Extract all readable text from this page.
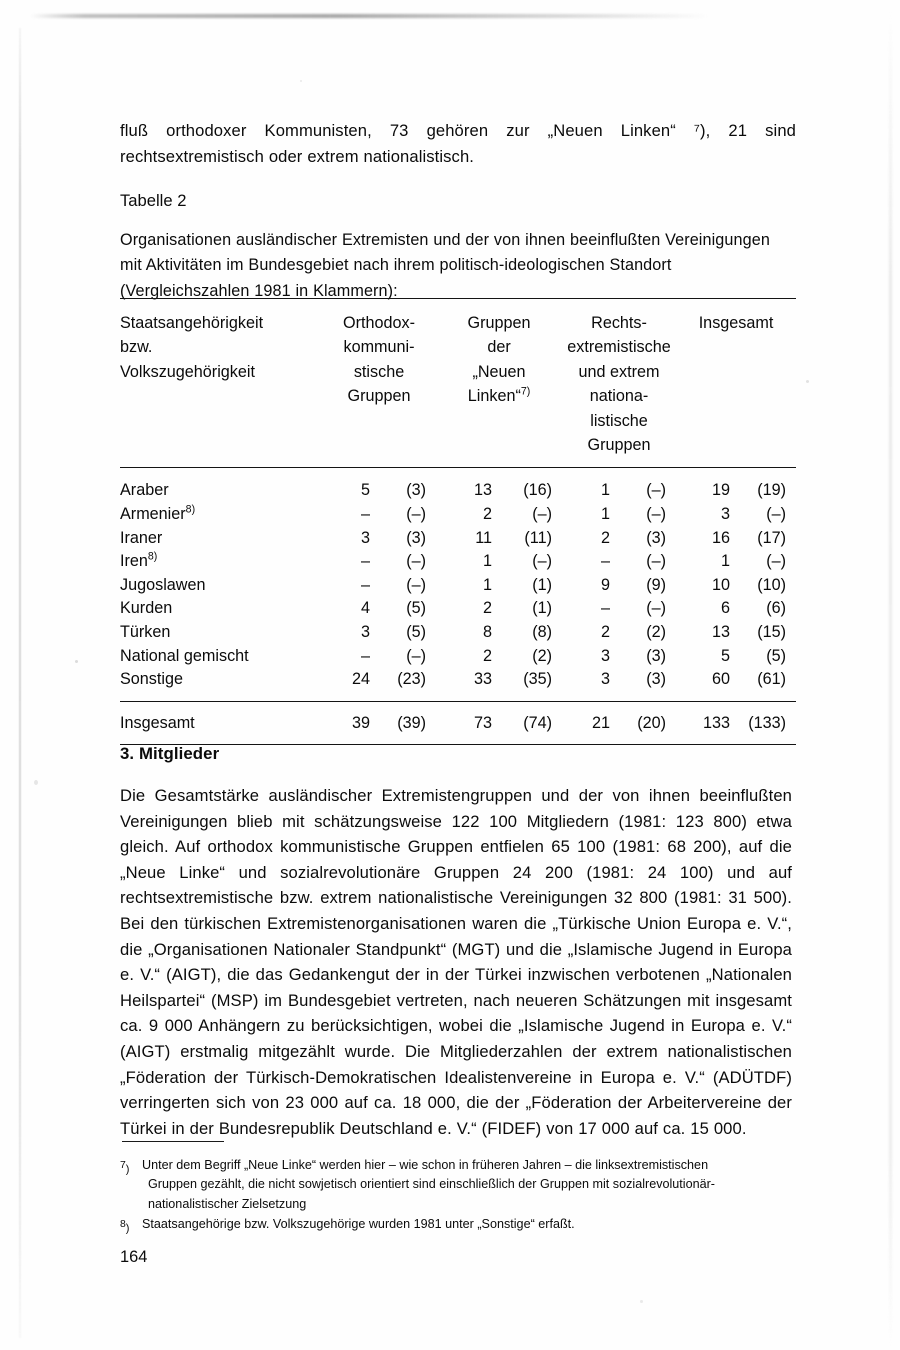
fluß orthodoxer Kommunisten, 73 gehören zur „Neuen Linken“ ⁷), 21 sind rechtsextremistisch oder extrem nationalistisch.

Tabelle 2

Organisationen ausländischer Extremisten und der von ihnen beeinflußten Vereinigungen mit Aktivitäten im Bundesgebiet nach ihrem politisch-ideologischen Standort (Vergleichszahlen 1981 in Klammern):

Staatsangehörigkeit
bzw.
Volkszugehörigkeit

Orthodox-
kommuni-
stische
Gruppen

Gruppen
der
„Neuen
Linken“$^{7)}$

Rechts-
extremistische
und extrem
nationa-
listische
Gruppen

Insgesamt
Araber	5	(3)	13	(16)	1	(–)	19	(19)
Armenier$^{8)}$	–	(–)	2	(–)	1	(–)	3	(–)
Iraner	3	(3)	11	(11)	2	(3)	16	(17)
Iren$^{8)}$	–	(–)	1	(–)	–	(–)	1	(–)
Jugoslawen	–	(–)	1	(1)	9	(9)	10	(10)
Kurden	4	(5)	2	(1)	–	(–)	6	(6)
Türken	3	(5)	8	(8)	2	(2)	13	(15)
National gemischt	–	(–)	2	(2)	3	(3)	5	(5)
Sonstige	24	(23)	33	(35)	3	(3)	60	(61)
Insgesamt	39	(39)	73	(74)	21	(20)	133	(133)
3. Mitglieder

Die Gesamtstärke ausländischer Extremistengruppen und der von ihnen beeinflußten Vereinigungen blieb mit schätzungsweise 122 100 Mitgliedern (1981: 123 800) etwa gleich. Auf orthodox kommunistische Gruppen entfielen 65 100 (1981: 68 200), auf die „Neue Linke“ und sozialrevolutionäre Gruppen 24 200 (1981: 24 100) und auf rechtsextremistische bzw. extrem nationalistische Vereinigungen 32 800 (1981: 31 500). Bei den türkischen Extremistenorganisationen waren die „Türkische Union Europa e. V.“, die „Organisationen Nationaler Standpunkt“ (MGT) und die „Islamische Jugend in Europa e. V.“ (AIGT), die das Gedankengut der in der Türkei inzwischen verbotenen „Nationalen Heilspartei“ (MSP) im Bundesgebiet vertreten, nach neueren Schätzungen mit insgesamt ca. 9 000 Anhängern zu berücksichtigen, wobei die „Islamische Jugend in Europa e. V.“ (AIGT) erstmalig mitgezählt wurde. Die Mitgliederzahlen der extrem nationalistischen „Föderation der Türkisch-Demokratischen Idealistenvereine in Europa e. V.“ (ADÜTDF) verringerten sich von 23 000 auf ca. 18 000, die der „Föderation der Arbeitervereine der Türkei in der Bundesrepublik Deutschland e. V.“ (FIDEF) von 17 000 auf ca. 15 000.

7) Unter dem Begriff „Neue Linke“ werden hier – wie schon in früheren Jahren – die linksextremistischen
Gruppen gezählt, die nicht sowjetisch orientiert sind einschließlich der Gruppen mit sozialrevolutionär-
nationalistischer Zielsetzung
8) Staatsangehörige bzw. Volkszugehörige wurden 1981 unter „Sonstige“ erfaßt.
164
